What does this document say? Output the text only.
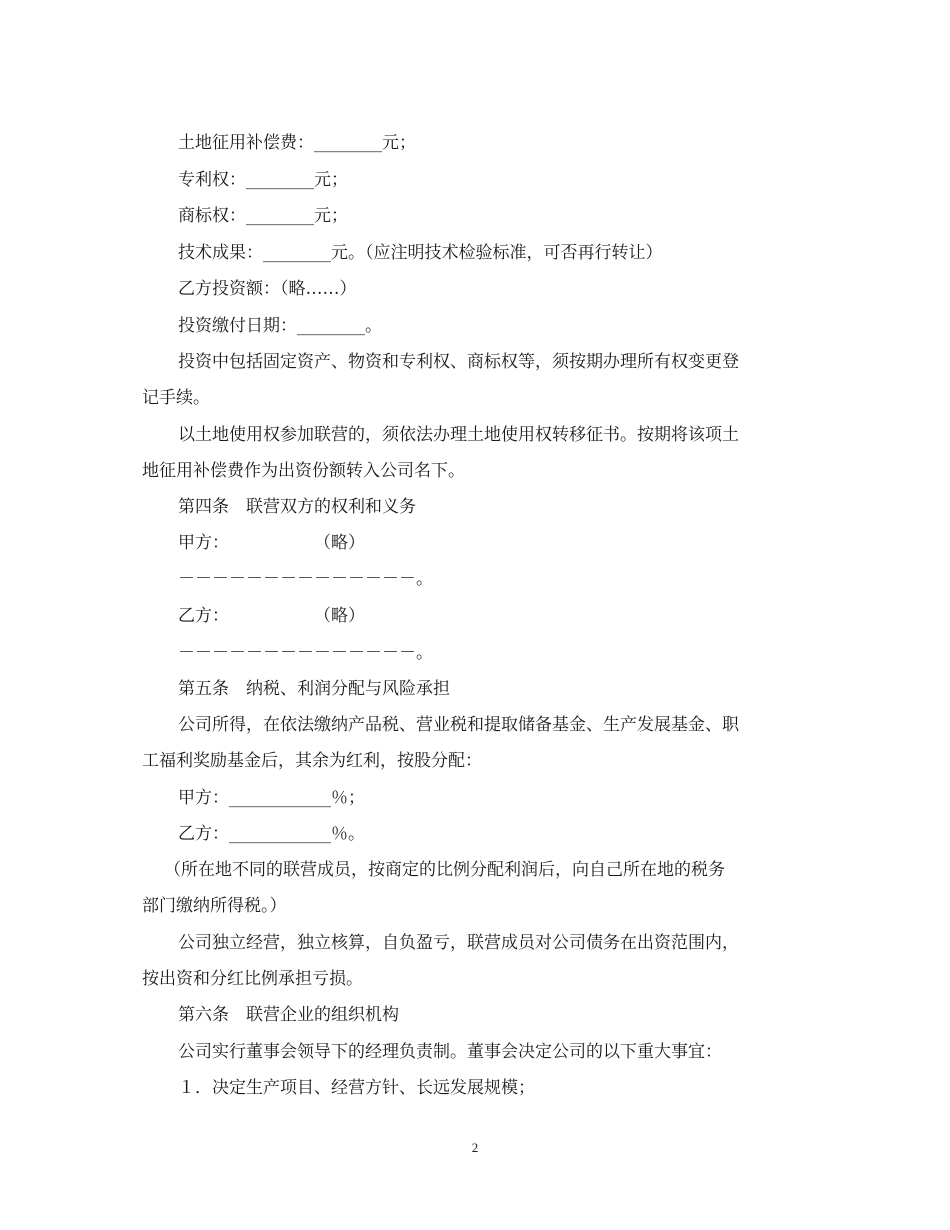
土地征用补偿费：________元；
专利权：________元；
商标权：________元；
技术成果：________元。（应注明技术检验标准，可否再行转让）
乙方投资额：（略……）
投资缴付日期：________。
投资中包括固定资产、物资和专利权、商标权等，须按期办理所有权变更登
记手续。
以土地使用权参加联营的，须依法办理土地使用权转移征书。按期将该项土
地征用补偿费作为出资份额转入公司名下。
第四条　联营双方的权利和义务
甲方：　　　　　　（略）
－－－－－－－－－－－－－－。
乙方：　　　　　　（略）
－－－－－－－－－－－－－－。
第五条　纳税、利润分配与风险承担
公司所得，在依法缴纳产品税、营业税和提取储备基金、生产发展基金、职
工福利奖励基金后，其余为红利，按股分配：
甲方：____________％；
乙方：____________％。
（所在地不同的联营成员，按商定的比例分配利润后，向自己所在地的税务
部门缴纳所得税。）
公司独立经营，独立核算，自负盈亏，联营成员对公司债务在出资范围内，
按出资和分红比例承担亏损。
第六条　联营企业的组织机构
公司实行董事会领导下的经理负责制。董事会决定公司的以下重大事宜：
１．决定生产项目、经营方针、长远发展规模；
2
